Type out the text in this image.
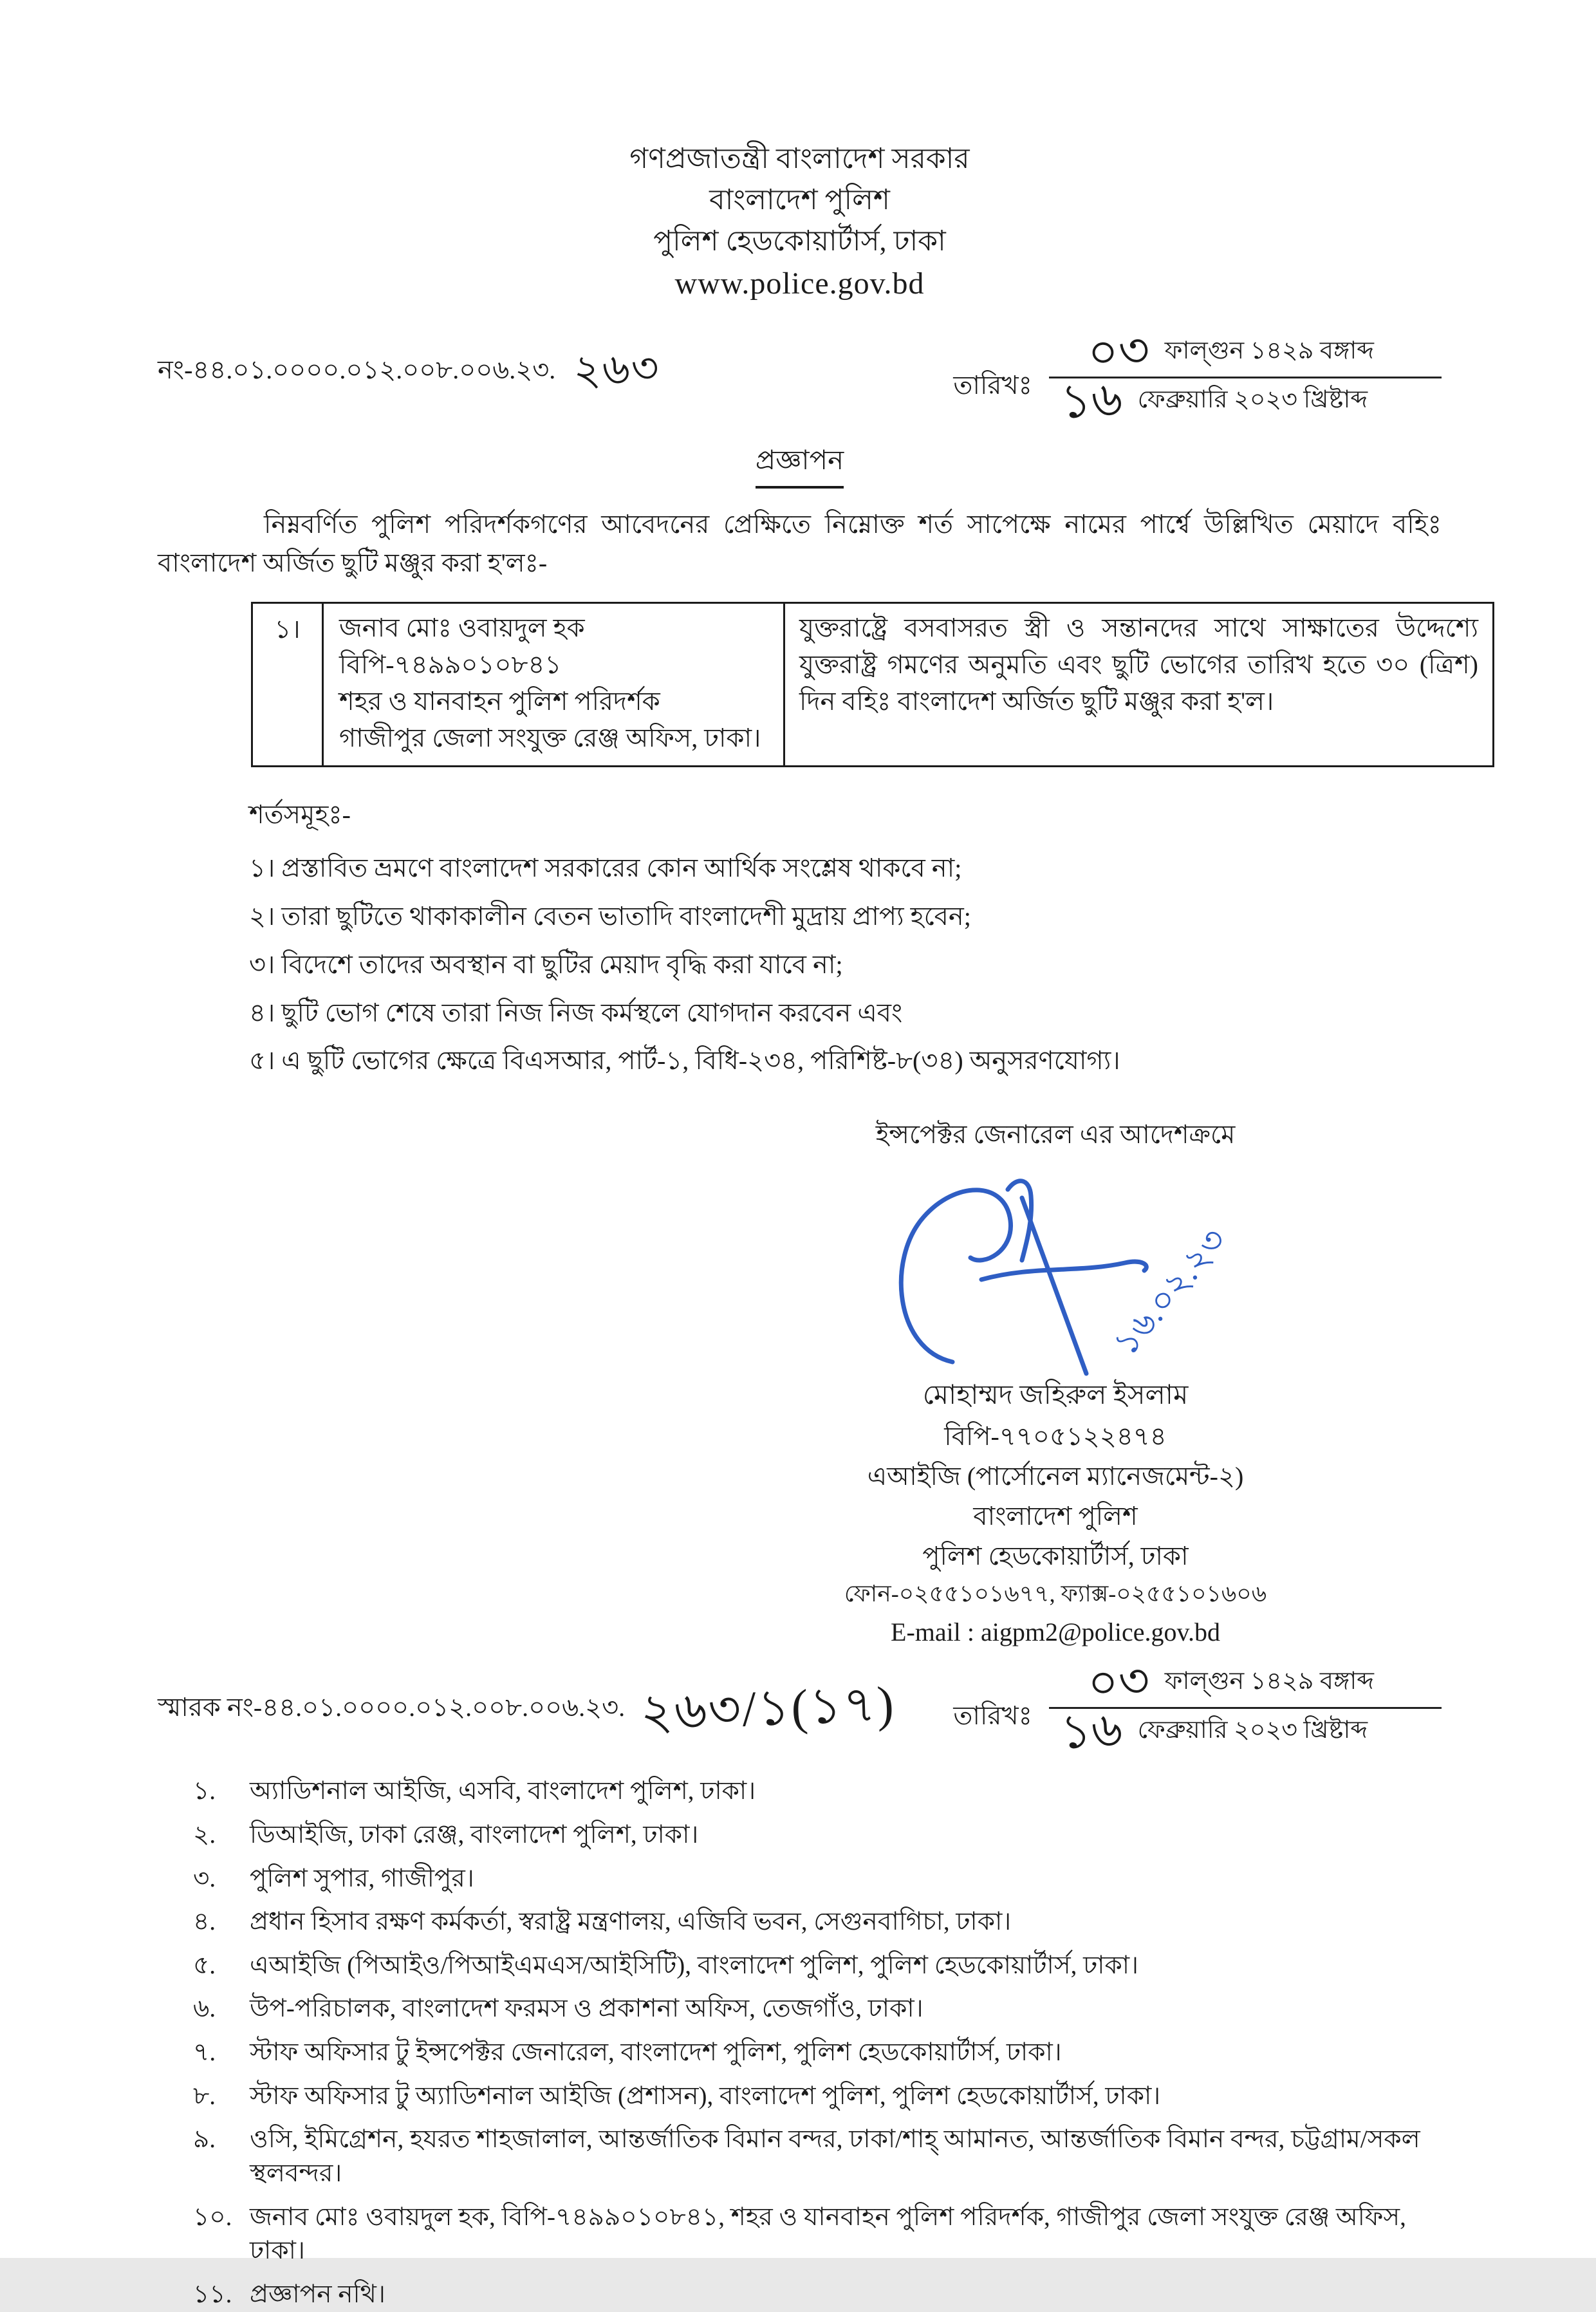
গণপ্রজাতন্ত্রী বাংলাদেশ সরকার
বাংলাদেশ পুলিশ
পুলিশ হেডকোয়ার্টার্স, ঢাকা
www.police.gov.bd
নং-৪৪.০১.০০০০.০১২.০০৮.০০৬.২৩. ২৬৩	তারিখঃ
০৩ ফাল্গুন ১৪২৯ বঙ্গাব্দ
১৬ ফেব্রুয়ারি ২০২৩ খ্রিষ্টাব্দ
প্রজ্ঞাপন

নিম্নবর্ণিত পুলিশ পরিদর্শকগণের আবেদনের প্রেক্ষিতে নিম্নোক্ত শর্ত সাপেক্ষে নামের পার্শ্বে উল্লিখিত মেয়াদে বহিঃ বাংলাদেশ অর্জিত ছুটি মঞ্জুর করা হ'লঃ-

১।	জনাব মোঃ ওবায়দুল হক
বিপি-৭৪৯৯০১০৮৪১
শহর ও যানবাহন পুলিশ পরিদর্শক
গাজীপুর জেলা সংযুক্ত রেঞ্জ অফিস, ঢাকা।
	যুক্তরাষ্ট্রে বসবাসরত স্ত্রী ও সন্তানদের সাথে সাক্ষাতের উদ্দেশ্যে যুক্তরাষ্ট্র গমণের অনুমতি এবং ছুটি ভোগের তারিখ হতে ৩০ (ত্রিশ) দিন বহিঃ বাংলাদেশ অর্জিত ছুটি মঞ্জুর করা হ'ল।
শর্তসমূহঃ-
১। প্রস্তাবিত ভ্রমণে বাংলাদেশ সরকারের কোন আর্থিক সংশ্লেষ থাকবে না;
২। তারা ছুটিতে থাকাকালীন বেতন ভাতাদি বাংলাদেশী মুদ্রায় প্রাপ্য হবেন;
৩। বিদেশে তাদের অবস্থান বা ছুটির মেয়াদ বৃদ্ধি করা যাবে না;
৪। ছুটি ভোগ শেষে তারা নিজ নিজ কর্মস্থলে যোগদান করবেন এবং
৫। এ ছুটি ভোগের ক্ষেত্রে বিএসআর, পার্ট-১, বিধি-২৩৪, পরিশিষ্ট-৮(৩৪) অনুসরণযোগ্য।
ইন্সপেক্টর জেনারেল এর আদেশক্রমে
১৬.০২.২৩
মোহাম্মদ জহিরুল ইসলাম
বিপি-৭৭০৫১২২৪৭৪
এআইজি (পার্সোনেল ম্যানেজমেন্ট-২)
বাংলাদেশ পুলিশ
পুলিশ হেডকোয়ার্টার্স, ঢাকা
ফোন-০২৫৫১০১৬৭৭, ফ্যাক্স-০২৫৫১০১৬০৬
E-mail : aigpm2@police.gov.bd
স্মারক নং-৪৪.০১.০০০০.০১২.০০৮.০০৬.২৩. ২৬৩/১(১৭) তারিখঃ
০৩ ফাল্গুন ১৪২৯ বঙ্গাব্দ
১৬ ফেব্রুয়ারি ২০২৩ খ্রিষ্টাব্দ
১.	অ্যাডিশনাল আইজি, এসবি, বাংলাদেশ পুলিশ, ঢাকা।
২.	ডিআইজি, ঢাকা রেঞ্জ, বাংলাদেশ পুলিশ, ঢাকা।
৩.	পুলিশ সুপার, গাজীপুর।
৪.	প্রধান হিসাব রক্ষণ কর্মকর্তা, স্বরাষ্ট্র মন্ত্রণালয়, এজিবি ভবন, সেগুনবাগিচা, ঢাকা।
৫.	এআইজি (পিআইও/পিআইএমএস/আইসিটি), বাংলাদেশ পুলিশ, পুলিশ হেডকোয়ার্টার্স, ঢাকা।
৬.	উপ-পরিচালক, বাংলাদেশ ফরমস ও প্রকাশনা অফিস, তেজগাঁও, ঢাকা।
৭.	স্টাফ অফিসার টু ইন্সপেক্টর জেনারেল, বাংলাদেশ পুলিশ, পুলিশ হেডকোয়ার্টার্স, ঢাকা।
৮.	স্টাফ অফিসার টু অ্যাডিশনাল আইজি (প্রশাসন), বাংলাদেশ পুলিশ, পুলিশ হেডকোয়ার্টার্স, ঢাকা।
৯.	ওসি, ইমিগ্রেশন, হযরত শাহজালাল, আন্তর্জাতিক বিমান বন্দর, ঢাকা/শাহ্‌ আমানত, আন্তর্জাতিক বিমান বন্দর, চট্টগ্রাম/সকল স্থলবন্দর।
১০. জনাব মোঃ ওবায়দুল হক, বিপি-৭৪৯৯০১০৮৪১, শহর ও যানবাহন পুলিশ পরিদর্শক, গাজীপুর জেলা সংযুক্ত রেঞ্জ অফিস, ঢাকা।
১১. প্রজ্ঞাপন নথি।
